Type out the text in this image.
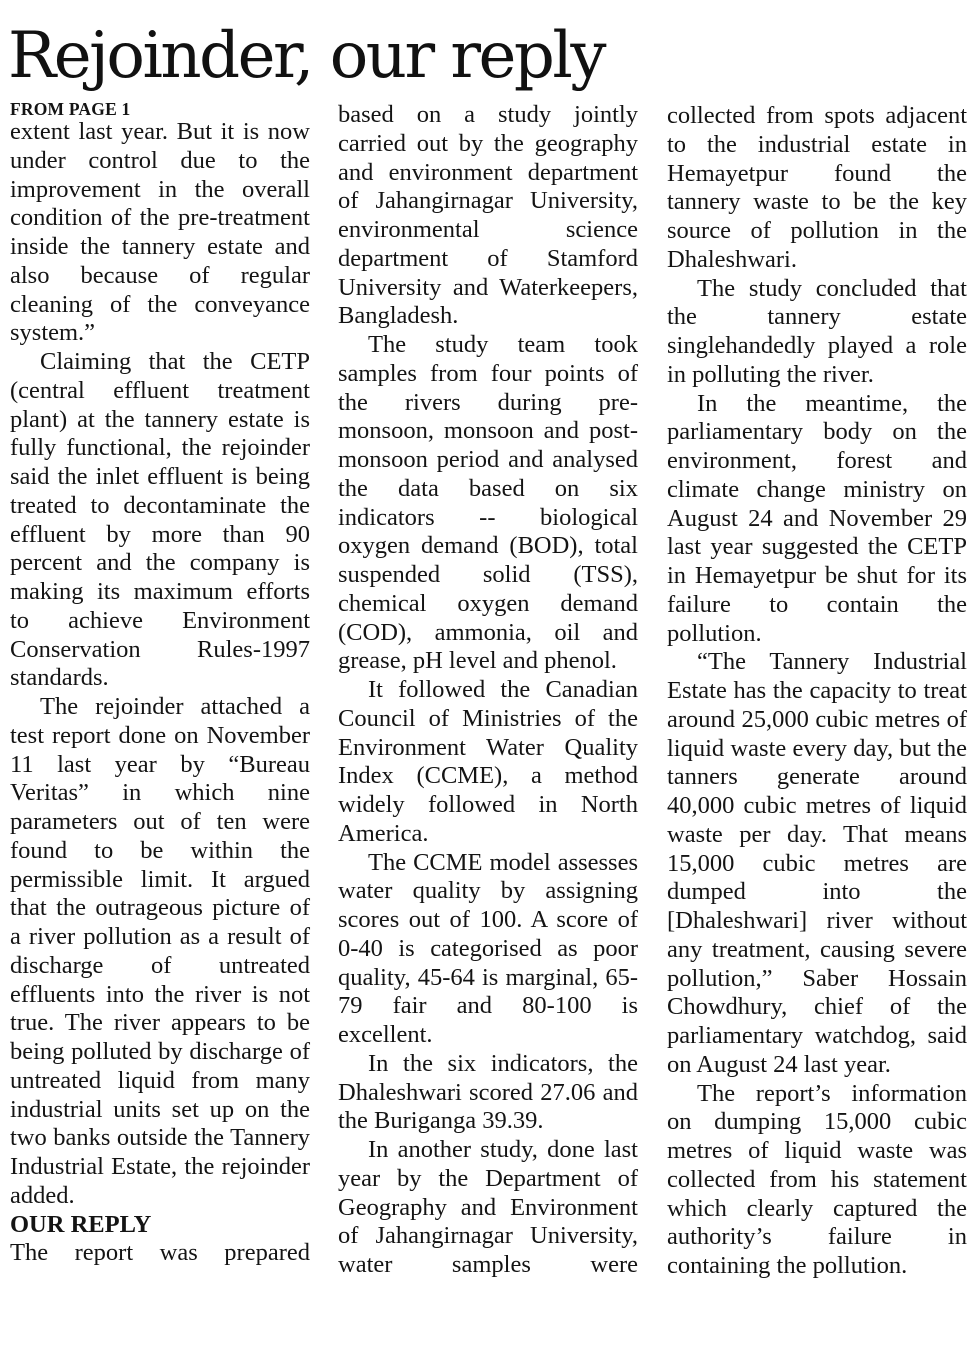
Rejoinder, our reply
FROM PAGE 1

extent last year. But it is now under control due to the improvement in the overall condition of the pre-treatment inside the tannery estate and also because of regular cleaning of the conveyance system.”

Claiming that the CETP (central effluent treatment plant) at the tannery estate is fully functional, the rejoinder said the inlet effluent is being treated to decontaminate the effluent by more than 90 percent and the company is making its maximum efforts to achieve Environment Conservation Rules-1997 standards.

The rejoinder attached a test report done on November 11 last year by “Bureau Veritas” in which nine parameters out of ten were found to be within the permissible limit. It argued that the outrageous picture of a river pollution as a result of discharge of untreated effluents into the river is not true. The river appears to be being polluted by discharge of untreated liquid from many industrial units set up on the two banks outside the Tannery Industrial Estate, the rejoinder added.

OUR REPLY

The report was prepared

based on a study jointly carried out by the geography and environment department of Jahangirnagar University, environmental science department of Stamford University and Waterkeepers, Bangladesh.

The study team took samples from four points of the rivers during pre-monsoon, monsoon and post-monsoon period and analysed the data based on six indicators -- biological oxygen demand (BOD), total suspended solid (TSS), chemical oxygen demand (COD), ammonia, oil and grease, pH level and phenol.

It followed the Canadian Council of Ministries of the Environment Water Quality Index (CCME), a method widely followed in North America.

The CCME model assesses water quality by assigning scores out of 100. A score of 0-40 is categorised as poor quality, 45-64 is marginal, 65-79 fair and 80-100 is excellent.

In the six indicators, the Dhaleshwari scored 27.06 and the Buriganga 39.39.

In another study, done last year by the Department of Geography and Environment of Jahangirnagar University, water samples were

collected from spots adjacent to the industrial estate in Hemayetpur found the tannery waste to be the key source of pollution in the Dhaleshwari.

The study concluded that the tannery estate singlehandedly played a role in polluting the river.

In the meantime, the parliamentary body on the environment, forest and climate change ministry on August 24 and November 29 last year suggested the CETP in Hemayetpur be shut for its failure to contain the pollution.

“The Tannery Industrial Estate has the capacity to treat around 25,000 cubic metres of liquid waste every day, but the tanners generate around 40,000 cubic metres of liquid waste per day. That means 15,000 cubic metres are dumped into the [Dhaleshwari] river without any treatment, causing severe pollution,” Saber Hossain Chowdhury, chief of the parliamentary watchdog, said on August 24 last year.

The report’s information on dumping 15,000 cubic metres of liquid waste was collected from his statement which clearly captured the authority’s failure in containing the pollution.
